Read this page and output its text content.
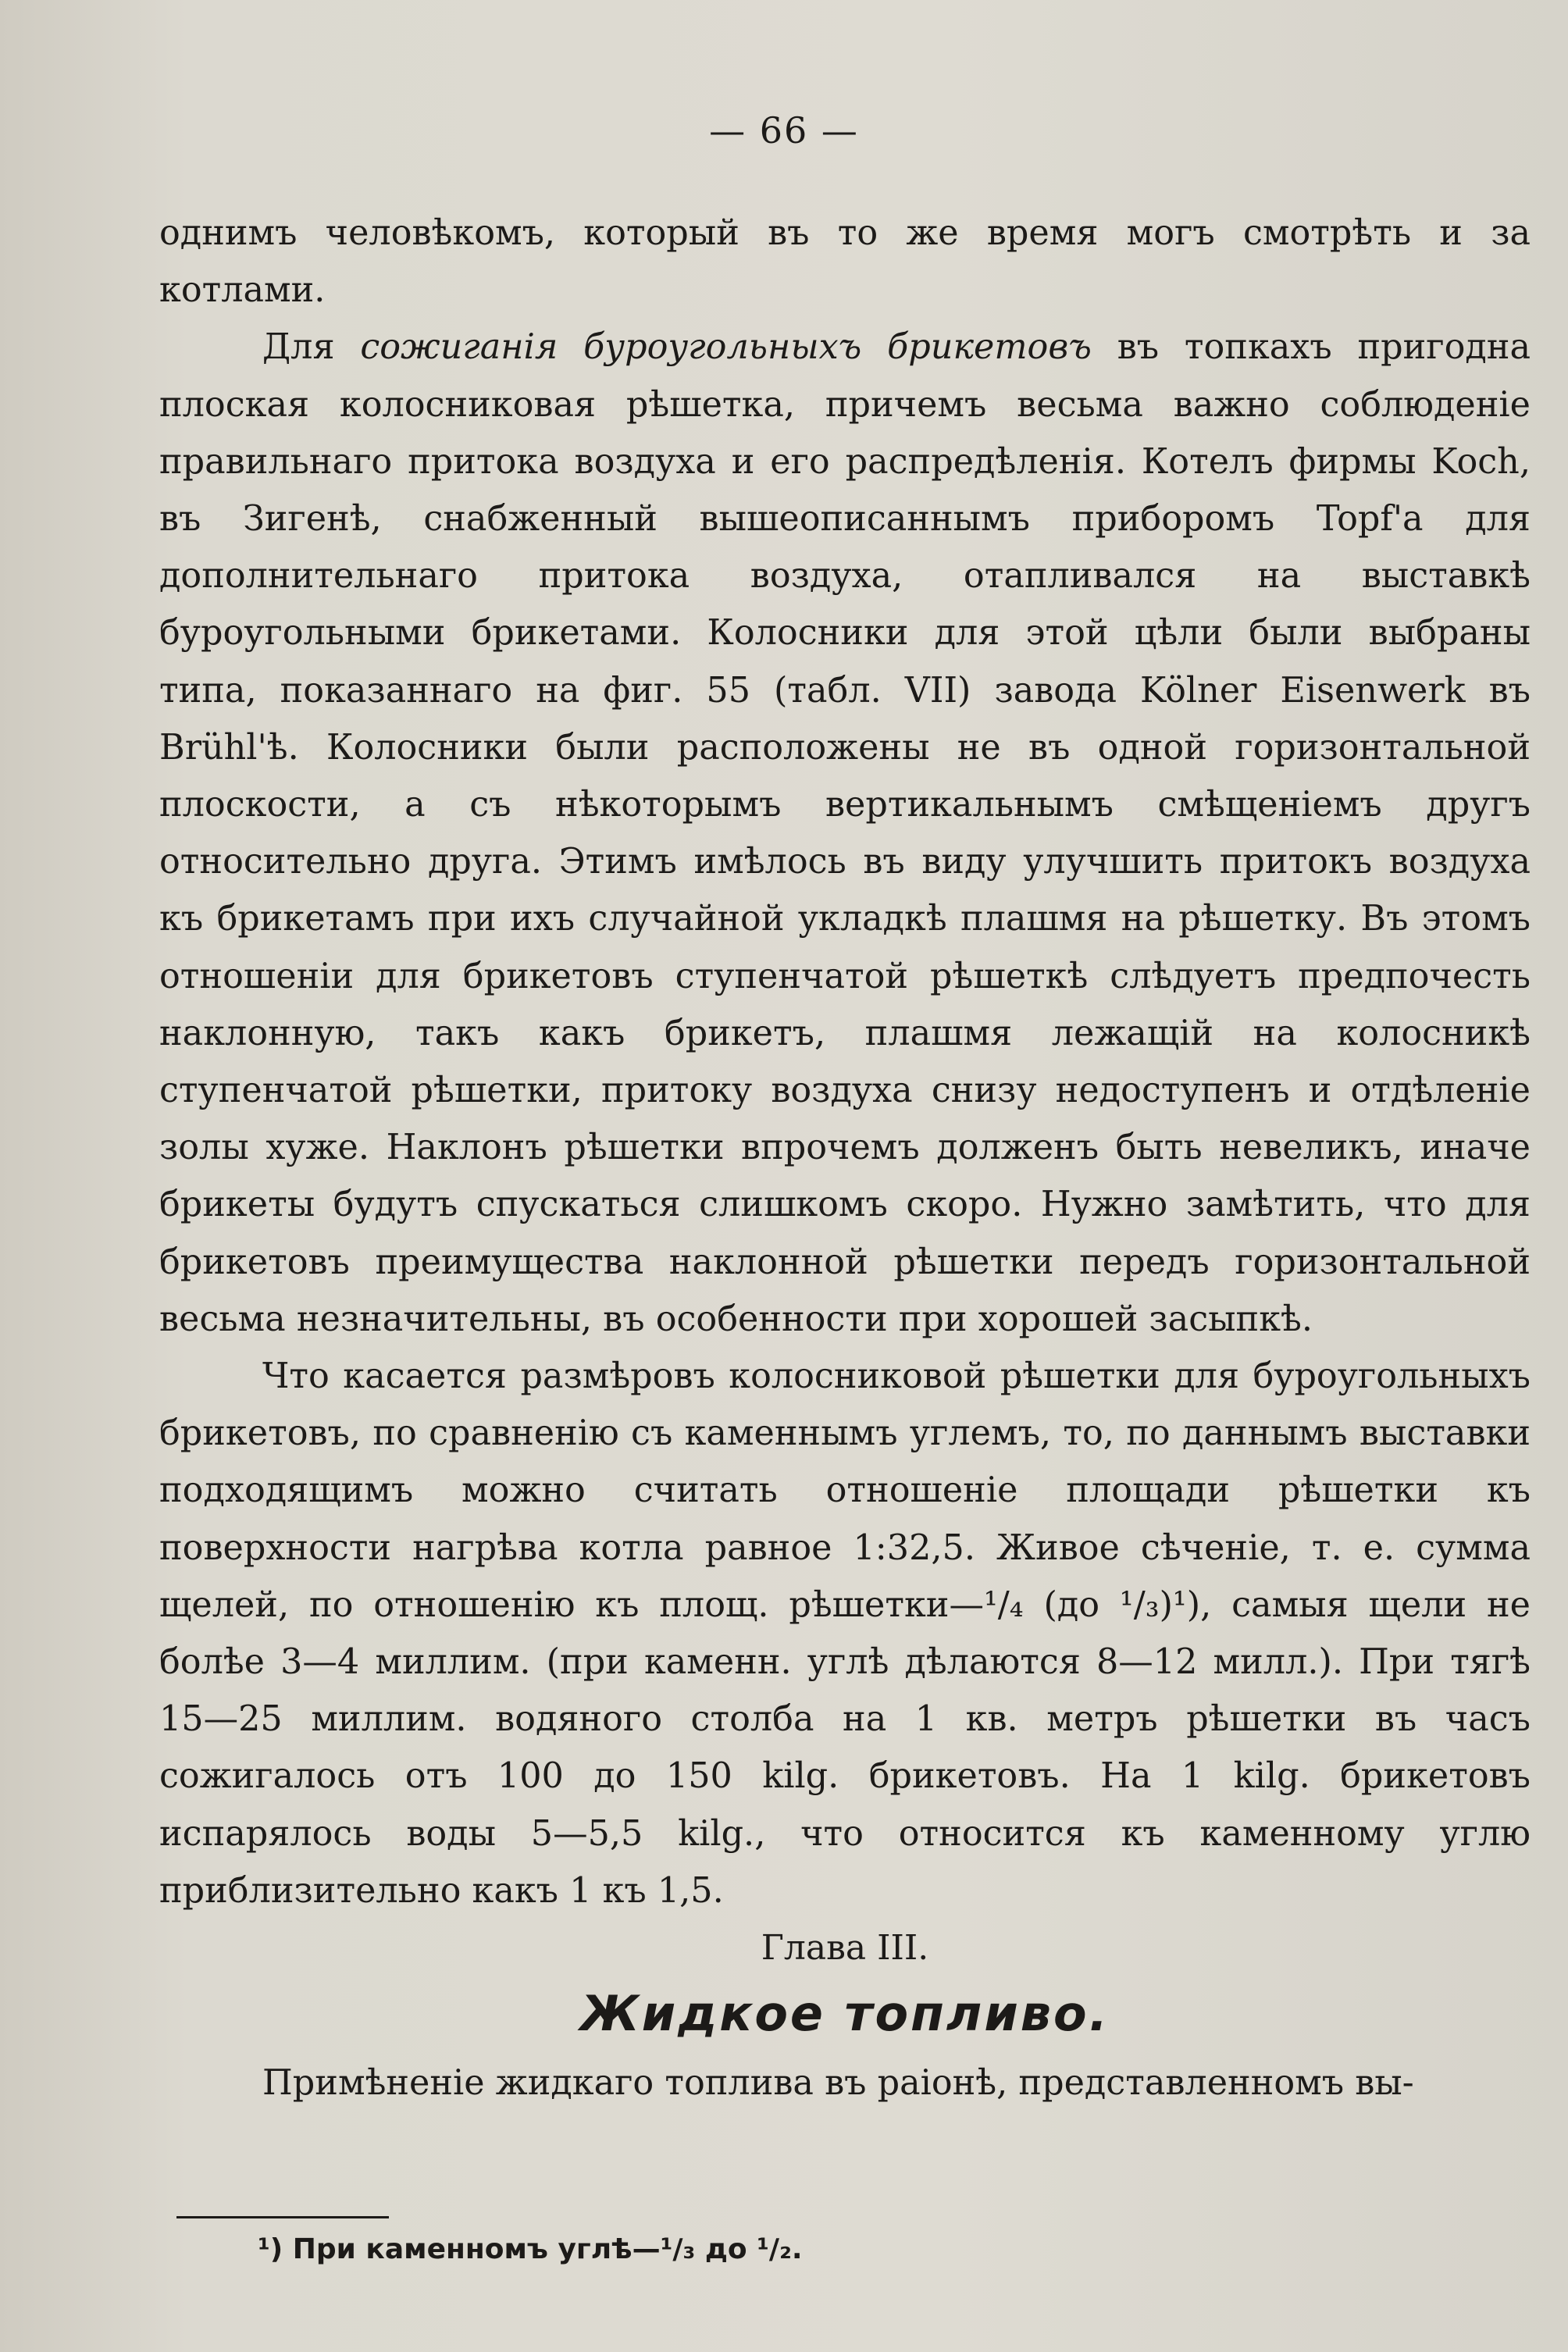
— 66 —

однимъ человѣкомъ, который въ то же время могъ смотрѣть и за котлами.

Для сожиганія буроугольныхъ брикетовъ въ топкахъ пригодна плоская колосниковая рѣшетка, причемъ весьма важно соблюденіе правильнаго притока воздуха и его распредѣленія. Котелъ фирмы Koch, въ Зигенѣ, снабженный вышеописаннымъ приборомъ Topf'а для дополнительнаго притока воздуха, отапливался на выставкѣ буроугольными брикетами. Колосники для этой цѣли были выбраны типа, показаннаго на фиг. 55 (табл. VII) завода Kölner Eisenwerk въ Brühl'ѣ. Колосники были расположены не въ одной горизонтальной плоскости, а съ нѣкоторымъ вертикальнымъ смѣщеніемъ другъ относительно друга. Этимъ имѣлось въ виду улучшить притокъ воздуха къ брикетамъ при ихъ случайной укладкѣ плашмя на рѣшетку. Въ этомъ отношеніи для брикетовъ ступенчатой рѣшеткѣ слѣдуетъ предпочесть наклонную, такъ какъ брикетъ, плашмя лежащій на колосникѣ ступенчатой рѣшетки, притоку воздуха снизу недоступенъ и отдѣленіе золы хуже. Наклонъ рѣшетки впрочемъ долженъ быть невеликъ, иначе брикеты будутъ спускаться слишкомъ скоро. Нужно замѣтить, что для брикетовъ преимущества наклонной рѣшетки передъ горизонтальной весьма незначительны, въ особенности при хорошей засыпкѣ.

Что касается размѣровъ колосниковой рѣшетки для буроугольныхъ брикетовъ, по сравненію съ каменнымъ углемъ, то, по даннымъ выставки подходящимъ можно считать отношеніе площади рѣшетки къ поверхности нагрѣва котла равное 1:32,5. Живое сѣченіе, т. е. сумма щелей, по отношенію къ площ. рѣшетки—¹/₄ (до ¹/₃)¹), самыя щели не болѣе 3—4 миллим. (при каменн. углѣ дѣлаются 8—12 милл.). При тягѣ 15—25 миллим. водяного столба на 1 кв. метръ рѣшетки въ часъ сожигалось отъ 100 до 150 kilg. брикетовъ. На 1 kilg. брикетовъ испарялось воды 5—5,5 kilg., что относится къ каменному углю приблизительно какъ 1 къ 1,5.

Глава III.

Жидкое топливо.

Примѣненіе жидкаго топлива въ раіонѣ, представленномъ вы-

¹) При каменномъ углѣ—¹/₃ до ¹/₂.
